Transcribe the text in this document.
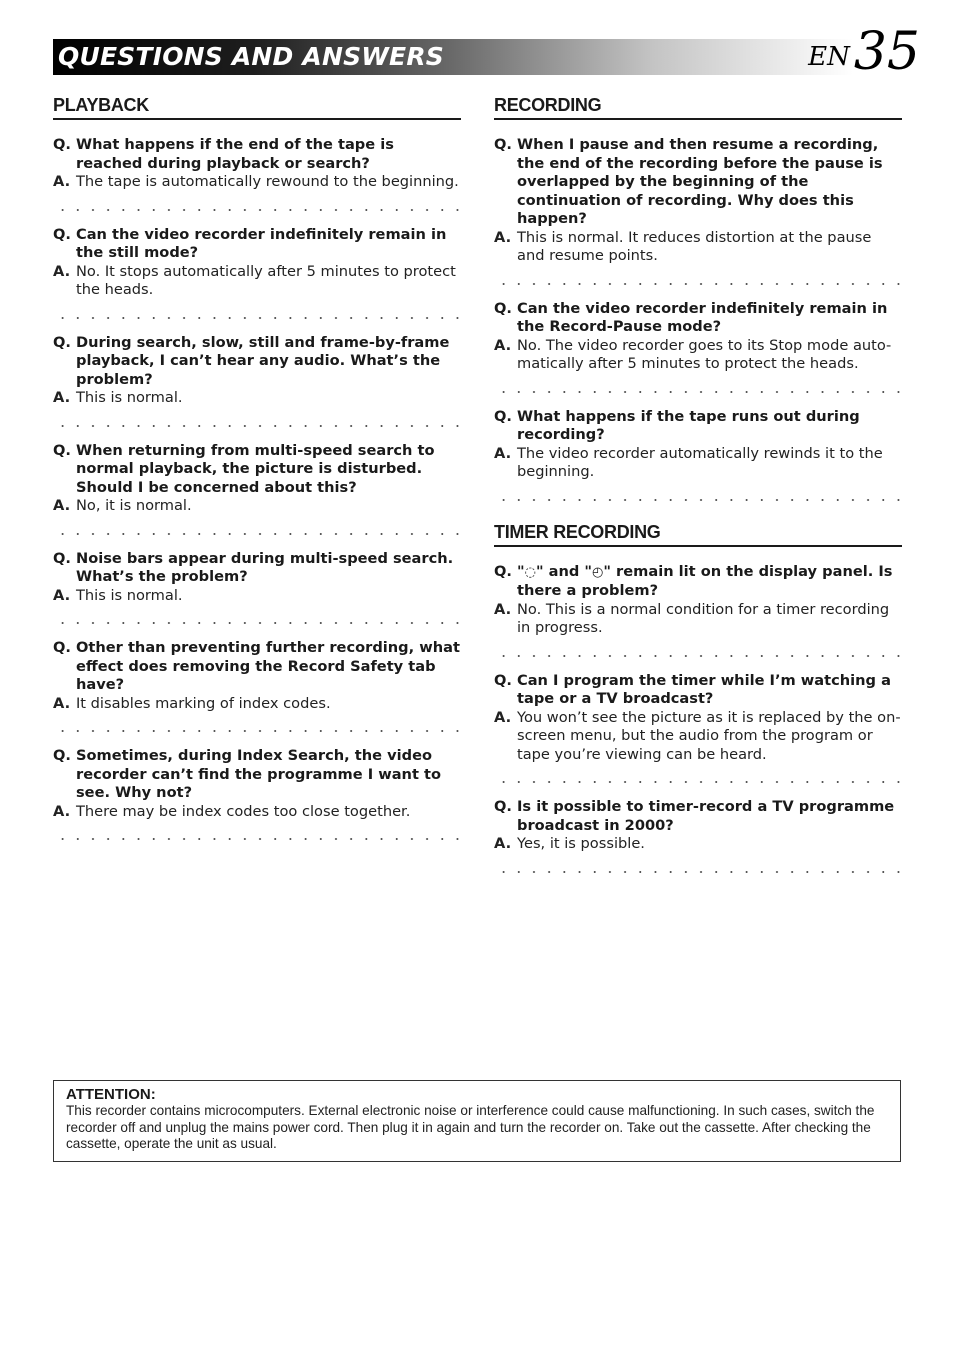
QUESTIONS AND ANSWERS	EN35
PLAYBACK
Q. What happens if the end of the tape is reached during playback or search?
A. The tape is automatically rewound to the beginning.
Q. Can the video recorder indefinitely remain in the still mode?
A. No. It stops automatically after 5 minutes to protect the heads.
Q. During search, slow, still and frame-by-frame playback, I can’t hear any audio. What’s the problem?
A. This is normal.
Q. When returning from multi-speed search to normal playback, the picture is disturbed. Should I be concerned about this?
A. No, it is normal.
Q. Noise bars appear during multi-speed search. What’s the problem?
A. This is normal.
Q. Other than preventing further recording, what effect does removing the Record Safety tab have?
A. It disables marking of index codes.
Q. Sometimes, during Index Search, the video recorder can’t find the programme I want to see. Why not?
A. There may be index codes too close together.
RECORDING
Q. When I pause and then resume a recording, the end of the recording before the pause is overlapped by the beginning of the continuation of recording. Why does this happen?
A. This is normal. It reduces distortion at the pause and resume points.
Q. Can the video recorder indefinitely remain in the Record-Pause mode?
A. No. The video recorder goes to its Stop mode auto-matically after 5 minutes to protect the heads.
Q. What happens if the tape runs out during recording?
A. The video recorder automatically rewinds it to the beginning.
TIMER RECORDING
Q. "◌" and "◴" remain lit on the display panel. Is there a problem?
A. No. This is a normal condition for a timer recording in progress.
Q. Can I program the timer while I’m watching a tape or a TV broadcast?
A. You won’t see the picture as it is replaced by the on-screen menu, but the audio from the program or tape you’re viewing can be heard.
Q. Is it possible to timer-record a TV programme broadcast in 2000?
A. Yes, it is possible.
ATTENTION:
This recorder contains microcomputers. External electronic noise or interference could cause malfunctioning. In such cases, switch the recorder off and unplug the mains power cord. Then plug it in again and turn the recorder on. Take out the cassette. After checking the cassette, operate the unit as usual.
